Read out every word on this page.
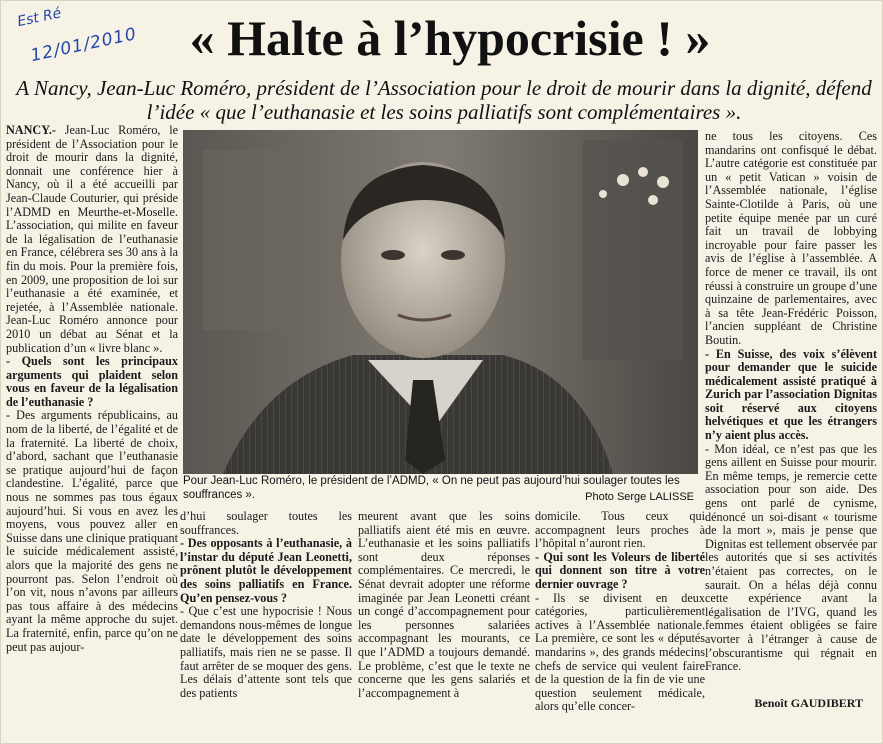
Est Ré
12/01/2010	« Halte à l’hypocrisie ! »
A Nancy, Jean-Luc Roméro, président de l’Association pour le droit de mourir dans la dignité, défend l’idée « que l’euthanasie et les soins palliatifs sont complémentaires ».

NANCY.- Jean-Luc Roméro, le président de l’Association pour le droit de mourir dans la dignité, donnait une conférence hier à Nancy, où il a été accueilli par Jean-Claude Couturier, qui préside l’ADMD en Meurthe-et-Moselle. L’association, qui milite en faveur de la légalisation de l’euthanasie en France, célébrera ses 30 ans à la fin du mois. Pour la première fois, en 2009, une proposition de loi sur l’euthanasie a été examinée, et rejetée, à l’Assemblée nationale. Jean-Luc Roméro annonce pour 2010 un débat au Sénat et la publication d’un « livre blanc ».

- Quels sont les principaux arguments qui plaident selon vous en faveur de la légalisation de l’euthanasie ?

- Des arguments républicains, au nom de la liberté, de l’égalité et de la fraternité. La liberté de choix, d’abord, sachant que l’euthanasie se pratique aujourd’hui de façon clandestine. L’égalité, parce que nous ne sommes pas tous égaux aujourd’hui. Si vous en avez les moyens, vous pouvez aller en Suisse dans une clinique pratiquant le suicide médicalement assisté, alors que la majorité des gens ne pourront pas. Selon l’endroit où l’on vit, nous n’avons par ailleurs pas tous affaire à des médecins ayant la même approche du sujet. La fraternité, enfin, parce qu’on ne peut pas aujour-

Pour Jean-Luc Roméro, le président de l’ADMD, « On ne peut pas aujourd’hui soulager toutes les souffrances ».	Photo Serge LALISSE

d’hui soulager toutes les souffrances.

- Des opposants à l’euthanasie, à l’instar du député Jean Leonetti, prônent plutôt le développement des soins palliatifs en France. Qu’en pensez-vous ?

- Que c’est une hypocrisie ! Nous demandons nous-mêmes de longue date le développement des soins palliatifs, mais rien ne se passe. Il faut arrêter de se moquer des gens. Les délais d’attente sont tels que des patients

meurent avant que les soins palliatifs aient été mis en œuvre. L’euthanasie et les soins palliatifs sont deux réponses complémentaires. Ce mercredi, le Sénat devrait adopter une réforme imaginée par Jean Leonetti créant un congé d’accompagnement pour les personnes salariées accompagnant les mourants, ce que l’ADMD a toujours demandé. Le problème, c’est que le texte ne concerne que les gens salariés et l’accompagnement à

domicile. Tous ceux qui accompagnent leurs proches à l’hôpital n’auront rien.

- Qui sont les Voleurs de liberté qui donnent son titre à votre dernier ouvrage ?

- Ils se divisent en deux catégories, particulièrement actives à l’Assemblée nationale. La première, ce sont les « députés mandarins », des grands médecins chefs de service qui veulent faire de la question de la fin de vie une question seulement médicale, alors qu’elle concer-

ne tous les citoyens. Ces mandarins ont confisqué le débat. L’autre catégorie est constituée par un « petit Vatican » voisin de l’Assemblée nationale, l’église Sainte-Clotilde à Paris, où une petite équipe menée par un curé fait un travail de lobbying incroyable pour faire passer les avis de l’église à l’assemblée. A force de mener ce travail, ils ont réussi à construire un groupe d’une quinzaine de parlementaires, avec à sa tête Jean-Frédéric Poisson, l’ancien suppléant de Christine Boutin.

- En Suisse, des voix s’élèvent pour demander que le suicide médicalement assisté pratiqué à Zurich par l’association Dignitas soit réservé aux citoyens helvétiques et que les étrangers n’y aient plus accès.

- Mon idéal, ce n’est pas que les gens aillent en Suisse pour mourir. En même temps, je remercie cette association pour son aide. Des gens ont parlé de cynisme, dénoncé un soi-disant « tourisme de la mort », mais je pense que Dignitas est tellement observée par les autorités que si ses activités n’étaient pas correctes, on le saurait. On a hélas déjà connu cette expérience avant la légalisation de l’IVG, quand les femmes étaient obligées se faire avorter à l’étranger à cause de l’obscurantisme qui régnait en France.

Benoît GAUDIBERT
